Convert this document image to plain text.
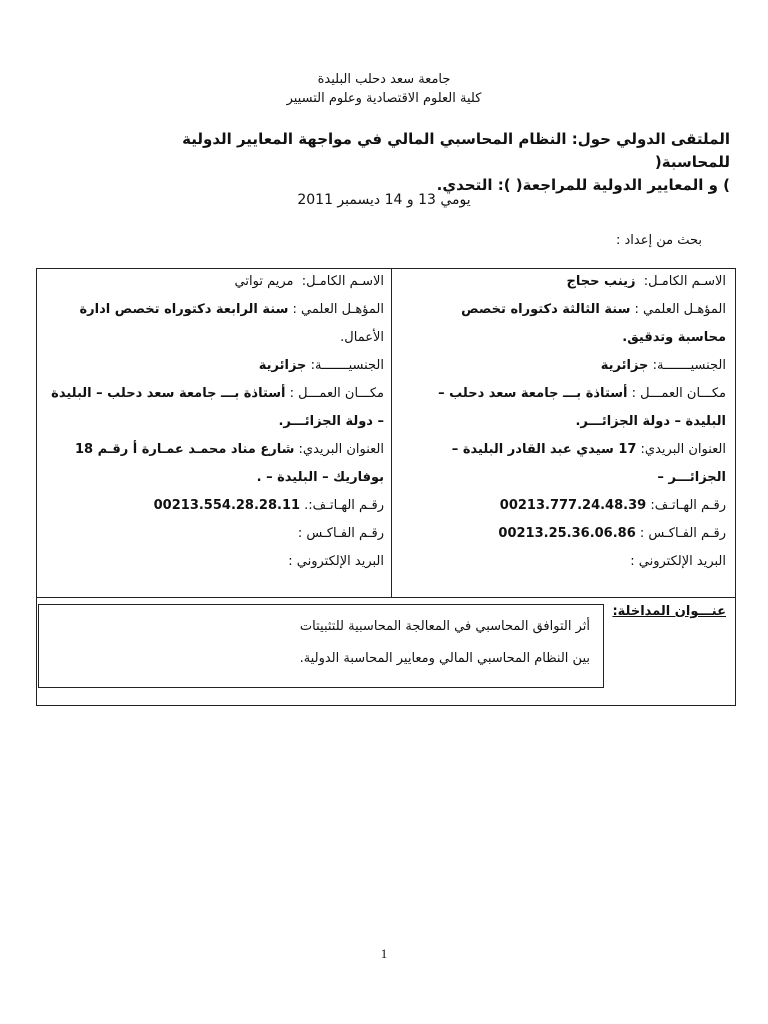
جامعة سعد دحلب البليدة
كلية العلوم الاقتصادية وعلوم التسيير
الملتقى الدولي حول: النظام المحاسبي المالي في مواجهة المعايير الدولية للمحاسبة(
) و المعايير الدولية للمراجعة( ): التحدي.
يومي 13 و 14 ديسمبر 2011
بحث من إعداد :
الاسـم الكامـل:  زينب حجاج
المؤهـل العلمي : سنة الثالثة دكتوراه تخصص
محاسبة وتدقيق.
الجنسيـــــــة: جزائرية
مكـــان العمـــل : أستاذة بـــ جامعة سعد دحلب –
البليدة – دولة الجزائـــر.
العنوان البريدي: 17 سيدي عبد القادر البليدة –
الجزائـــر –
رقـم الهـاتـف: 00213.777.24.48.39
رقـم الفـاكـس : 00213.25.36.06.86
البريد الإلكتروني :
الاسـم الكامـل:  مريم تواتي
المؤهـل العلمي : سنة الرابعة دكتوراه تخصص ادارة
الأعمال.
الجنسيـــــــة: جزائرية
مكـــان العمـــل : أستاذة بـــ جامعة سعد دحلب – البليدة
– دولة الجزائـــر.
العنوان البريدي: شارع مناد محمـد عمـارة أ رقـم 18
بوفاريك – البليدة – .
رقـم الهـاتـف:. 00213.554.28.28.11
رقـم الفـاكـس :
البريد الإلكتروني :
عنـــوان المداخلة:
أثر التوافق المحاسبي في المعالجة المحاسبية للتثبيتات
بين النظام المحاسبي المالي ومعايير المحاسبة الدولية.
1
